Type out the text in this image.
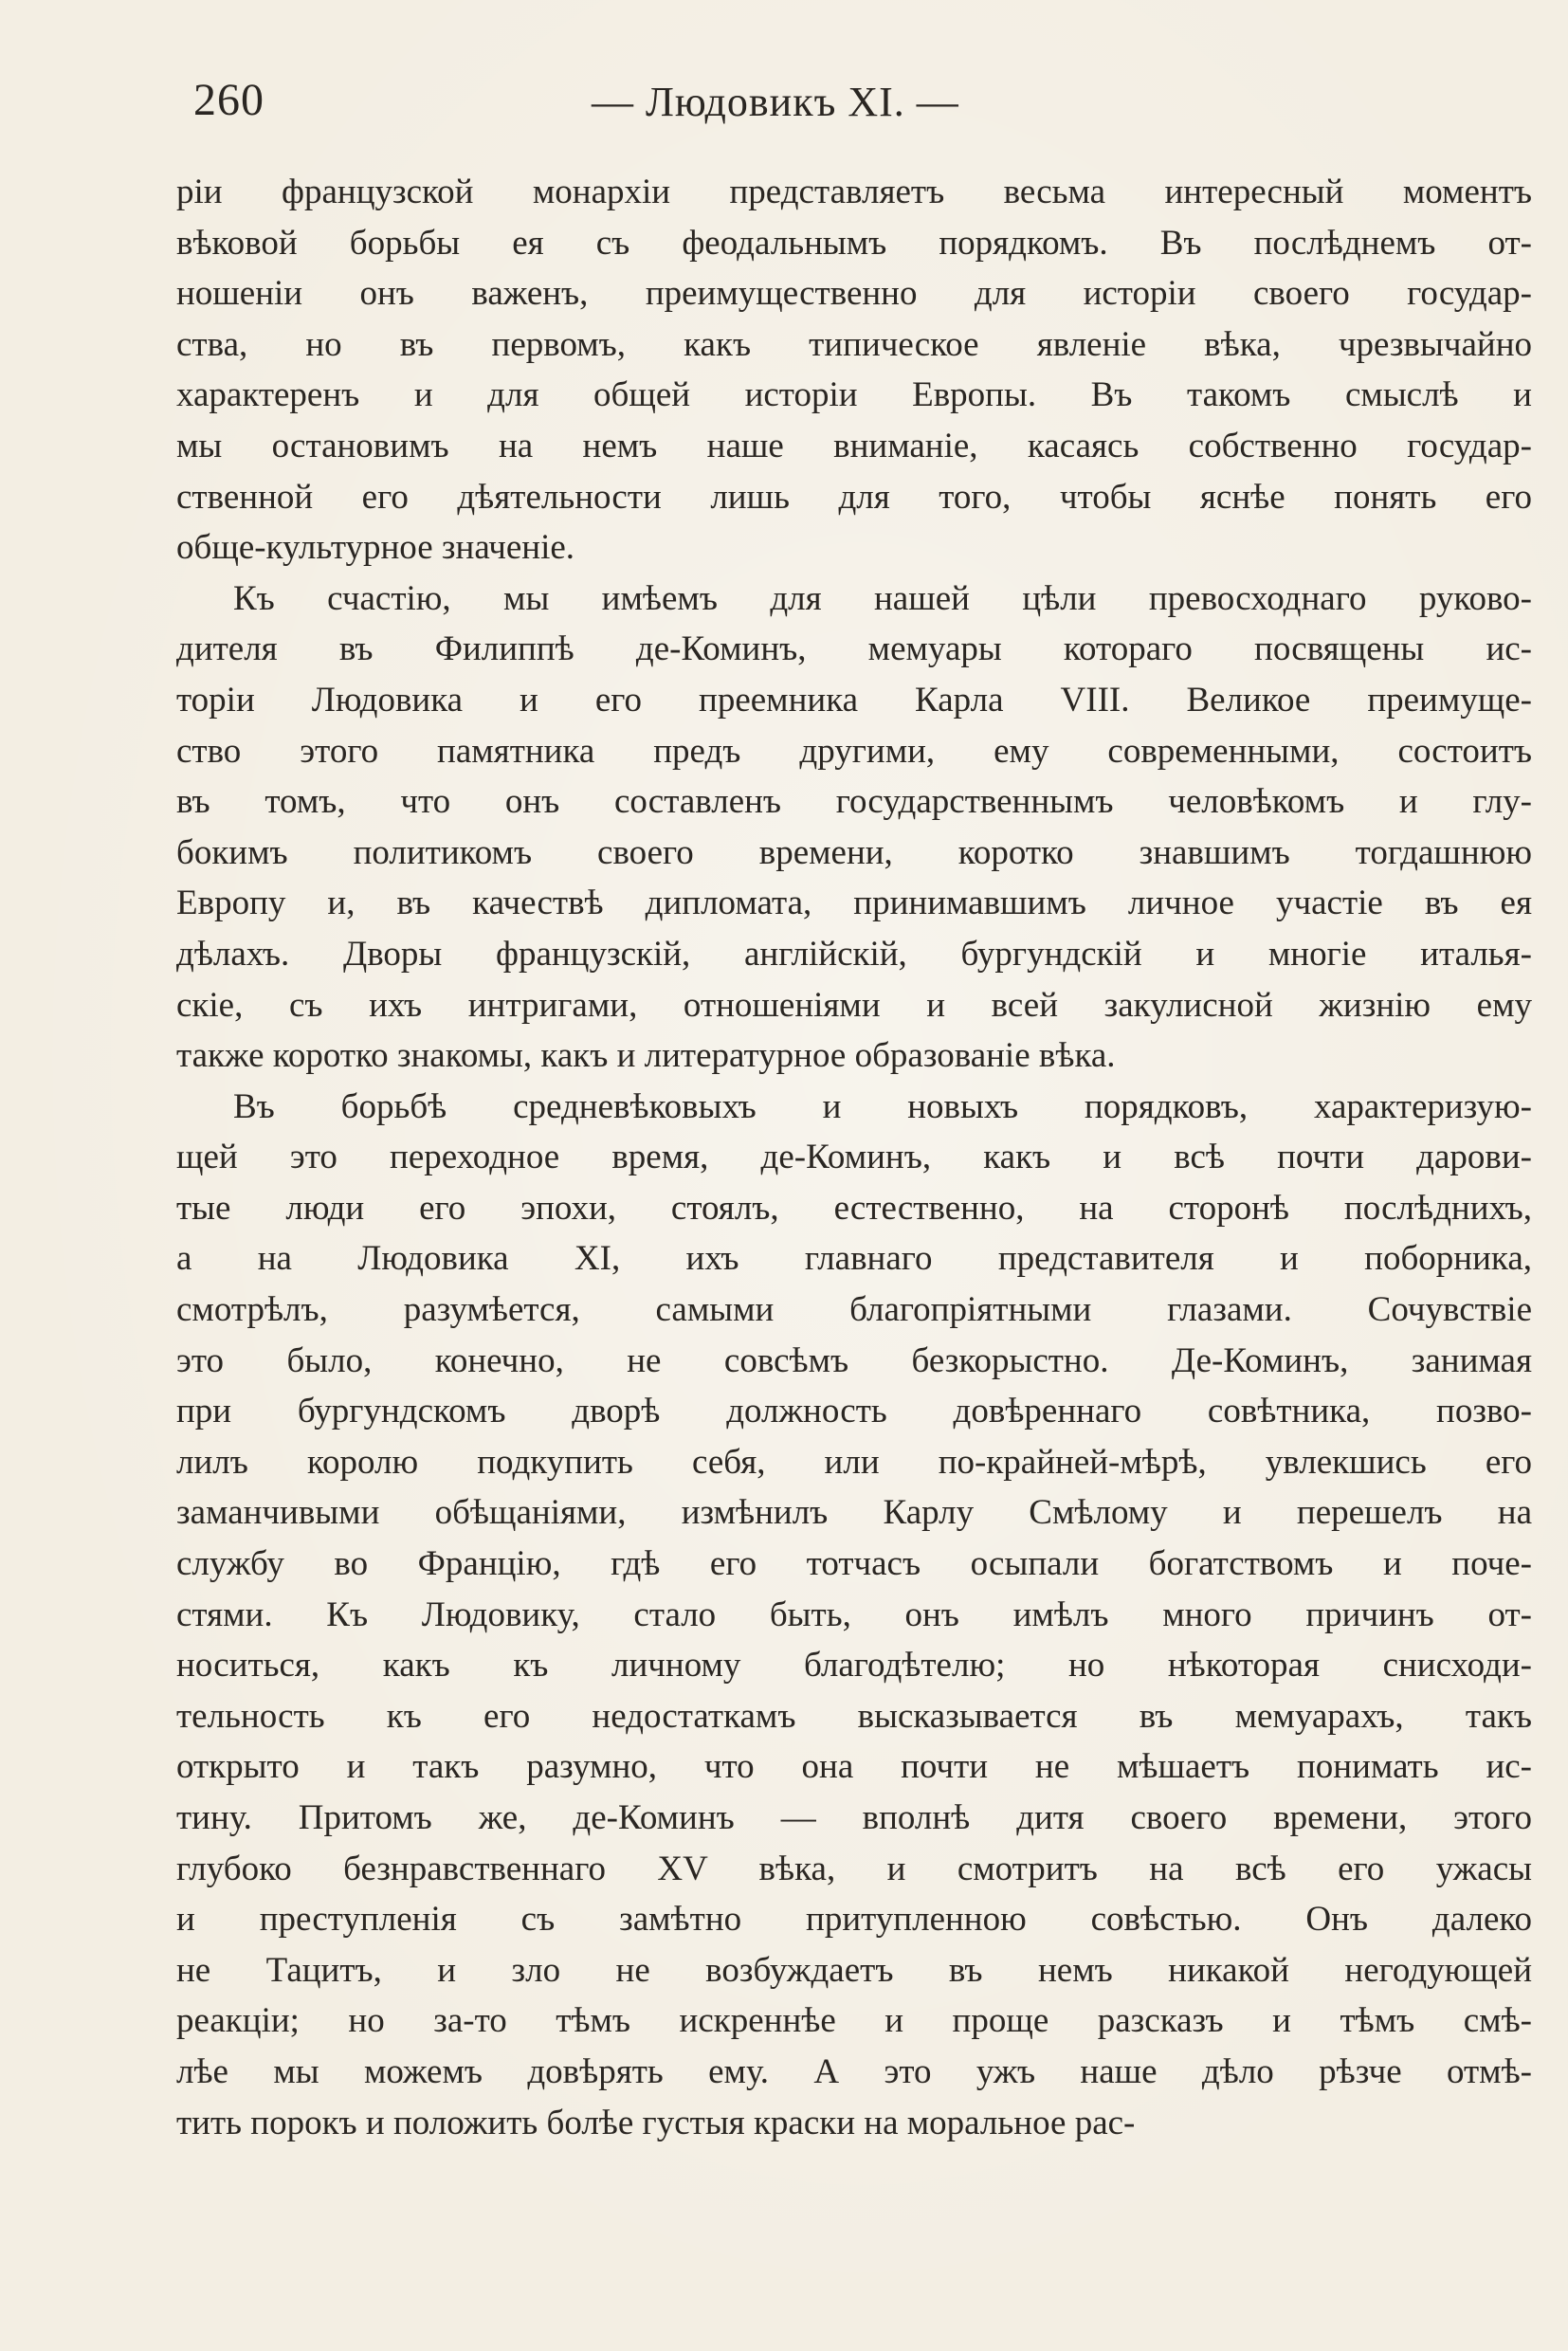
260	— Людовикъ XI. —
ріи французской монархіи представляетъ весьма интересный моментъ
вѣковой борьбы ея съ феодальнымъ порядкомъ. Въ послѣднемъ от-
ношеніи онъ важенъ, преимущественно для исторіи своего государ-
ства, но въ первомъ, какъ типическое явленіе вѣка, чрезвычайно
характеренъ и для общей исторіи Европы. Въ такомъ смыслѣ и
мы остановимъ на немъ наше вниманіе, касаясь собственно государ-
ственной его дѣятельности лишь для того, чтобы яснѣе понять его
обще-культурное значеніе.
Къ счастію, мы имѣемъ для нашей цѣли превосходнаго руково-
дителя въ Филиппѣ де-Коминъ, мемуары котораго посвящены ис-
торіи Людовика и его преемника Карла VIII. Великое преимуще-
ство этого памятника предъ другими, ему современными, состоитъ
въ томъ, что онъ составленъ государственнымъ человѣкомъ и глу-
бокимъ политикомъ своего времени, коротко знавшимъ тогдашнюю
Европу и, въ качествѣ дипломата, принимавшимъ личное участіе въ ея
дѣлахъ. Дворы французскій, англійскій, бургундскій и многіе италья-
скіе, съ ихъ интригами, отношеніями и всей закулисной жизнію ему
также коротко знакомы, какъ и литературное образованіе вѣка.
Въ борьбѣ средневѣковыхъ и новыхъ порядковъ, характеризую-
щей это переходное время, де-Коминъ, какъ и всѣ почти дарови-
тые люди его эпохи, стоялъ, естественно, на сторонѣ послѣднихъ,
а на Людовика XI, ихъ главнаго представителя и поборника,
смотрѣлъ, разумѣется, самыми благопріятными глазами. Сочувствіе
это было, конечно, не совсѣмъ безкорыстно. Де-Коминъ, занимая
при бургундскомъ дворѣ должность довѣреннаго совѣтника, позво-
лилъ королю подкупить себя, или по-крайней-мѣрѣ, увлекшись его
заманчивыми обѣщаніями, измѣнилъ Карлу Смѣлому и перешелъ на
службу во Францію, гдѣ его тотчасъ осыпали богатствомъ и поче-
стями. Къ Людовику, стало быть, онъ имѣлъ много причинъ от-
носиться, какъ къ личному благодѣтелю; но нѣкоторая снисходи-
тельность къ его недостаткамъ высказывается въ мемуарахъ, такъ
открыто и такъ разумно, что она почти не мѣшаетъ понимать ис-
тину. Притомъ же, де-Коминъ — вполнѣ дитя своего времени, этого
глубоко безнравственнаго XV вѣка, и смотритъ на всѣ его ужасы
и преступленія съ замѣтно притупленною совѣстью. Онъ далеко
не Тацитъ, и зло не возбуждаетъ въ немъ никакой негодующей
реакціи; но за-то тѣмъ искреннѣе и проще разсказъ и тѣмъ смѣ-
лѣе мы можемъ довѣрять ему. А это ужъ наше дѣло рѣзче отмѣ-
тить порокъ и положить болѣе густыя краски на моральное рас-
